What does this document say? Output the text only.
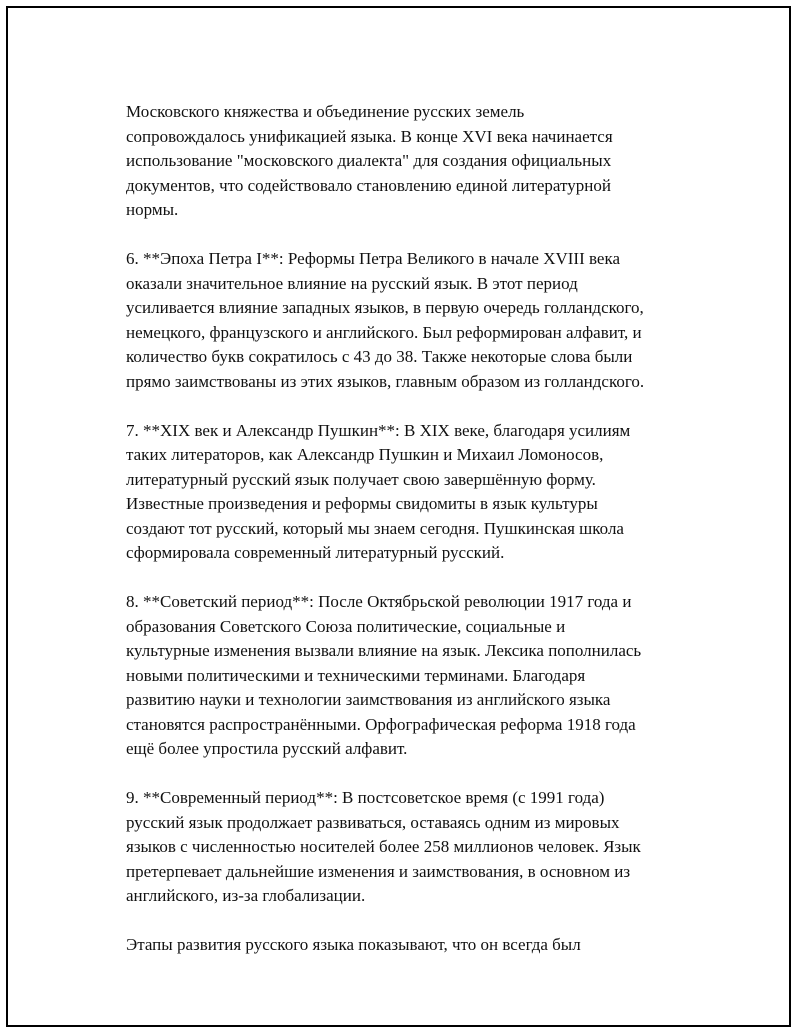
Московского княжества и объединение русских земель
сопровождалось унификацией языка. В конце XVI века начинается
использование "московского диалекта" для создания официальных
документов, что содействовало становлению единой литературной
нормы.

6. **Эпоха Петра I**: Реформы Петра Великого в начале XVIII века
оказали значительное влияние на русский язык. В этот период
усиливается влияние западных языков, в первую очередь голландского,
немецкого, французского и английского. Был реформирован алфавит, и
количество букв сократилось с 43 до 38. Также некоторые слова были
прямо заимствованы из этих языков, главным образом из голландского.

7. **XIX век и Александр Пушкин**: В XIX веке, благодаря усилиям
таких литераторов, как Александр Пушкин и Михаил Ломоносов,
литературный русский язык получает свою завершённую форму.
Известные произведения и реформы свидомиты в язык культуры
создают тот русский, который мы знаем сегодня. Пушкинская школа
сформировала современный литературный русский.

8. **Советский период**: После Октябрьской революции 1917 года и
образования Советского Союза политические, социальные и
культурные изменения вызвали влияние на язык. Лексика пополнилась
новыми политическими и техническими терминами. Благодаря
развитию науки и технологии заимствования из английского языка
становятся распространёнными. Орфографическая реформа 1918 года
ещё более упростила русский алфавит.

9. **Современный период**: В постсоветское время (с 1991 года)
русский язык продолжает развиваться, оставаясь одним из мировых
языков с численностью носителей более 258 миллионов человек. Язык
претерпевает дальнейшие изменения и заимствования, в основном из
английского, из-за глобализации.

Этапы развития русского языка показывают, что он всегда был
